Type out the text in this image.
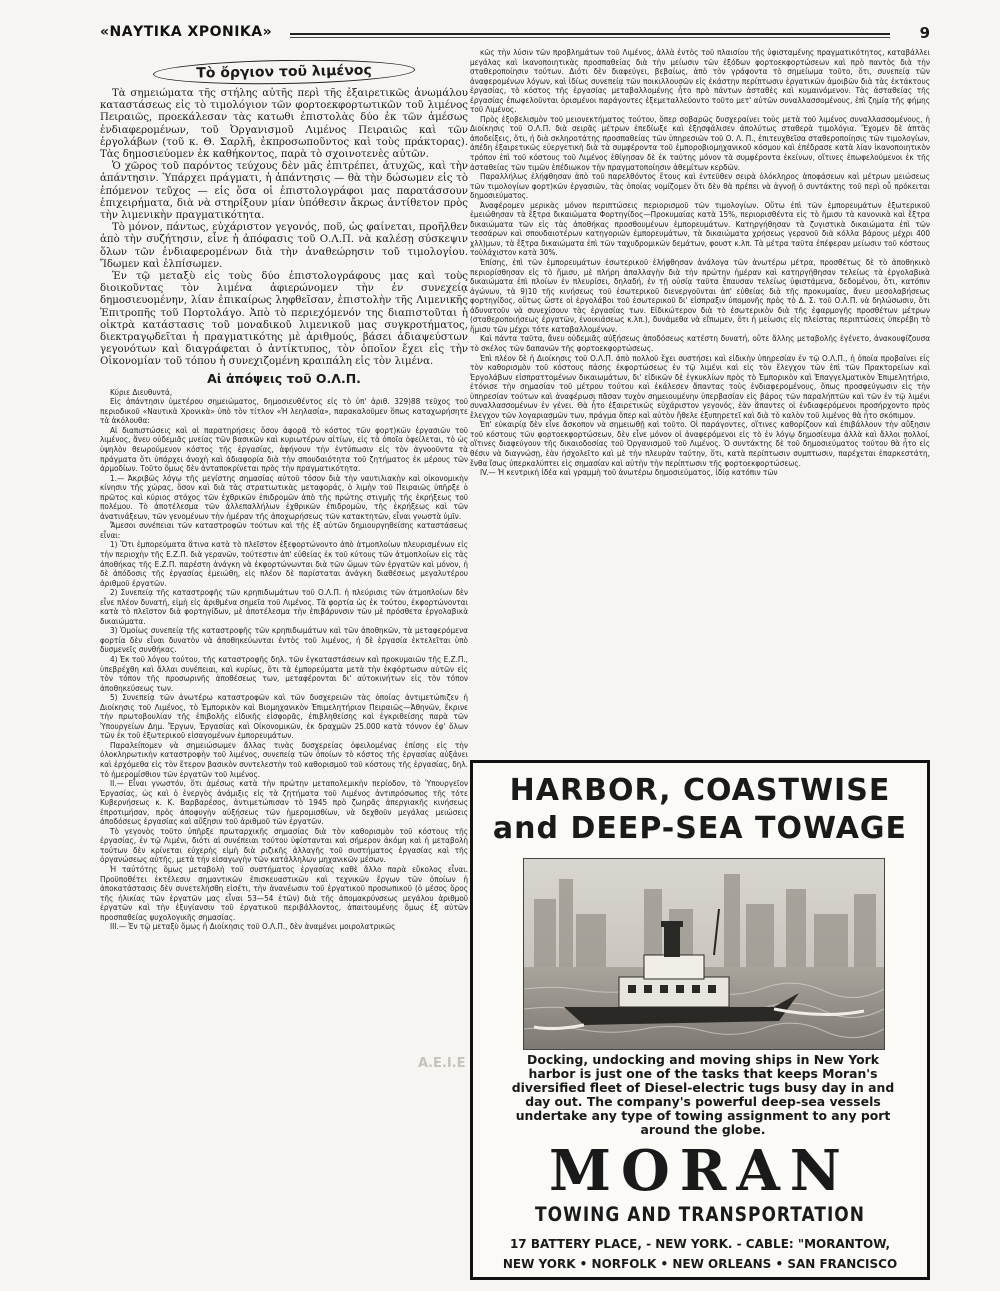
«ΝΑΥΤΙΚΑ ΧΡΟΝΙΚΑ»	9
Τὸ ὄργιον τοῦ λιμένος

Τὰ σημειώματα τῆς στήλης αὐτῆς περὶ τῆς ἐξαιρετικῶς ἀνωμάλου καταστάσεως εἰς τὸ τιμολόγιον τῶν φορτοεκφορτωτικῶν τοῦ λιμένος Πειραιῶς, προεκάλεσαν τὰς κατωθι ἐπιστολὰς δύο ἐκ τῶν ἀμέσως ἐνδιαφερομένων, τοῦ Ὀργανισμοῦ Λιμένος Πειραιῶς καὶ τῶν ἐργολάβων (τοῦ κ. Θ. Σαρλῆ, ἐκπροσωποῦντος καὶ τοὺς πράκτορας). Τὰς δημοσιεύομεν ἐκ καθήκοντος, παρὰ τὸ σχοινοτενὲς αὐτῶν.

Ὁ χῶρος τοῦ παρόντος τεύχους δὲν μᾶς ἐπιτρέπει, ἀτυχῶς, καὶ τὴν ἀπάντησιν. Ὑπάρχει πράγματι, ἡ ἀπάντησις — θὰ τὴν δώσωμεν εἰς τὸ ἑπόμενον τεῦχος — εἰς ὅσα οἱ ἐπιστολογράφοι μας παρατάσσουν ἐπιχειρήματα, διὰ νὰ στηρίξουν μίαν ὑπόθεσιν ἄκρως ἀντίθετον πρὸς τὴν λιμενικὴν πραγματικότητα.

Τὸ μόνον, πάντως, εὐχάριστον γεγονός, ποῦ, ὡς φαίνεται, προῆλθεν ἀπὸ τὴν συζήτησιν, εἶνε ἡ ἀπόφασις τοῦ Ο.Λ.Π. νὰ καλέσῃ σύσκεψιν ὅλων τῶν ἐνδιαφερομένων διὰ τὴν ἀναθεώρησιν τοῦ τιμολογίου. Ἴδωμεν καὶ ἐλπίσωμεν.

Ἐν τῷ μεταξὺ εἰς τοὺς δύο ἐπιστολογράφους μας καὶ τοὺς διοικοῦντας τὸν λιμένα ἀφιερώνομεν τὴν ἐν συνεχείᾳ δημοσιευομένην, λίαν ἐπικαίρως ληφθεῖσαν, ἐπιστολὴν τῆς Λιμενικῆς Ἐπιτροπῆς τοῦ Πορτολάγο. Ἀπὸ τὸ περιεχόμενόν της διαπιστοῦται ἡ οἰκτρὰ κατάστασις τοῦ μοναδικοῦ λιμενικοῦ μας συγκροτήματος, διεκτραγῳδεῖται ἡ πραγματικότης μὲ ἀριθμούς, βάσει ἀδιαψεύστων γεγονότων καὶ διαγράφεται ὁ ἀντίκτυπος, τὸν ὁποῖον ἔχει εἰς τὴν Οἰκονομίαν τοῦ τόπου ἡ συνεχιζομένη κραιπάλη εἰς τὸν λιμένα.

Αἱ ἀπόψεις τοῦ Ο.Λ.Π.

Κύριε Διευθυντά,

Εἰς ἀπάντησιν ὑμετέρου σημειώματος, δημοσιευθέντος εἰς τὸ ὑπ' ἀριθ. 329)88 τεῦχος τοῦ περιοδικοῦ «Ναυτικὰ Χρονικὰ» ὑπὸ τὸν τίτλον «Ἡ λεηλασία», παρακαλοῦμεν ὅπως καταχωρήσητε τὰ ἀκόλουθα:

Αἱ διαπιστώσεις καὶ αἱ παρατηρήσεις ὅσον ἀφορᾷ τὸ κόστος τῶν φορτ)κῶν ἐργασιῶν τοῦ λιμένος, ἄνευ οὐδεμιᾶς μνείας τῶν βασικῶν καὶ κυριωτέρων αἰτίων, εἰς τὰ ὁποῖα ὀφείλεται, τὸ ὡς ὑψηλὸν θεωρούμενον κόστος τῆς ἐργασίας, ἀφήνουν τὴν ἐντύπωσιν εἰς τὸν ἀγνοοῦντα τὰ πράγματα ὅτι ὑπάρχει ἀνοχὴ καὶ ἀδιαφορία διὰ τὴν σπουδαιότητα τοῦ ζητήματος ἐκ μέρους τῶν ἀρμοδίων. Τοῦτο ὅμως δὲν ἀνταποκρίνεται πρὸς τὴν πραγματικότητα.

1.— Ἀκριβῶς λόγῳ τῆς μεγίστης σημασίας αὐτοῦ τόσον διὰ τὴν ναυτιλιακὴν καὶ οἰκονομικὴν κίνησιν τῆς χώρας, ὅσον καὶ διὰ τὰς στρατιωτικὰς μεταφοράς, ὁ λιμὴν τοῦ Πειραιῶς ὑπῆρξε ὁ πρῶτος καὶ κύριος στόχος τῶν ἐχθρικῶν ἐπιδρομῶν ἀπὸ τῆς πρώτης στιγμῆς τῆς ἐκρήξεως τοῦ πολέμου. Τὸ ἀποτέλεσμα τῶν ἀλλεπαλλήλων ἐχθρικῶν ἐπιδρομῶν, τῆς ἐκρήξεως καὶ τῶν ἀνατινάξεων, τῶν γενομένων τὴν ἡμέραν τῆς ἀποχωρήσεως τῶν κατακτητῶν, εἶναι γνωστὰ ὑμῖν.

Ἄμεσοι συνέπειαι τῶν καταστροφῶν τούτων καὶ τῆς ἐξ αὐτῶν δημιουργηθείσης καταστάσεως εἶναι:

1) Ὅτι ἐμπορεύματα ἅτινα κατὰ τὸ πλεῖστον ἐξεφορτώνοντο ἀπὸ ἀτμοπλοίων πλευρισμένων εἰς τὴν περιοχὴν τῆς Ε.Ζ.Π. διὰ γερανῶν, τούτεστιν ἀπ' εὐθείας ἐκ τοῦ κύτους τῶν ἀτμοπλοίων εἰς τὰς ἀποθήκας τῆς Ε.Ζ.Π. παρέστη ἀνάγκη νὰ ἐκφορτώνωνται διὰ τῶν ὤμων τῶν ἐργατῶν καὶ μόνον, ἡ δὲ ἀπόδοσις τῆς ἐργασίας ἐμειώθη, εἰς πλέον δὲ παρίσταται ἀνάγκη διαθέσεως μεγαλυτέρου ἀριθμοῦ ἐργατῶν.

2) Συνεπείᾳ τῆς καταστροφῆς τῶν κρηπιδωμάτων τοῦ Ο.Λ.Π. ἡ πλεύρισις τῶν ἀτμοπλοίων δὲν εἶνε πλέον δυνατή, εἰμὴ εἰς ἀριθμένα σημεῖα τοῦ Λιμένος. Τὰ φορτία ὡς ἐκ τούτου, ἐκφορτώνονται κατὰ τὸ πλεῖστον διὰ φορτηγίδων, μὲ ἀποτέλεσμα τὴν ἐπιβάρυνσιν τῶν μὲ πρόσθετα ἐργολαβικὰ δικαιώματα.

3) Ὁμοίως συνεπείᾳ τῆς καταστροφῆς τῶν κρηπιδωμάτων καὶ τῶν ἀποθηκῶν, τὰ μεταφερόμενα φορτία δὲν εἶναι δυνατὸν νὰ ἀποθηκεύωνται ἐντὸς τοῦ λιμένος, ἡ δὲ ἐργασία ἐκτελεῖται ὑπὸ δυσμενεῖς συνθήκας.

4) Ἐκ τοῦ λόγου τούτου, τῆς καταστροφῆς δηλ. τῶν ἐγκαταστάσεων καὶ προκυμαιῶν τῆς Ε.Ζ.Π., ὑπεβρέχθη καὶ ἄλλαι συνέπειαι, καὶ κυρίως, ὅτι τὰ ἐμπορεύματα μετὰ τὴν ἐκφόρτωσιν αὐτῶν εἰς τὸν τόπον τῆς προσωρινῆς ἀποθέσεως των, μεταφέρονται δι' αὐτοκινήτων εἰς τὸν τόπον ἀποθηκεύσεως των.

5) Συνεπείᾳ τῶν ἀνωτέρω καταστροφῶν καὶ τῶν δυσχερειῶν τὰς ὁποίας ἀντιμετώπιζεν ἡ Διοίκησις τοῦ Λιμένος, τὸ Ἐμπορικὸν καὶ Βιομηχανικὸν Ἐπιμελητήριον Πειραιῶς—Ἀθηνῶν, ἔκρινε τὴν πρωτοβουλίαν τῆς ἐπιβολῆς εἰδικῆς εἰσφορᾶς, ἐπιβληθείσης καὶ ἐγκριθείσης παρὰ τῶν Ὑπουργείων Δημ. Ἔργων, Ἐργασίας καὶ Οἰκονομικῶν, ἐκ δραχμῶν 25.000 κατὰ τόννον ἐφ' ὅλων τῶν ἐκ τοῦ ἐξωτερικοῦ εἰσαγομένων ἐμπορευμάτων.

Παραλείπομεν νὰ σημειώσωμεν ἄλλας τινὰς δυσχερείας ὀφειλομένας ἐπίσης εἰς τὴν ὁλοκληρωτικὴν καταστροφὴν τοῦ λιμένος, συνεπείᾳ τῶν ὁποίων τὸ κόστος τῆς ἐργασίας αὐξάνει καὶ ἐρχόμεθα εἰς τὸν ἕτερον βασικὸν συντελεστὴν τοῦ καθορισμοῦ τοῦ κόστους τῆς ἐργασίας, δηλ. τὸ ἡμερομίσθιον τῶν ἐργατῶν τοῦ λιμένος.

II.— Εἶναι γνωστόν, ὅτι ἀμέσως κατὰ τὴν πρώτην μεταπολεμικὴν περίοδον, τὸ Ὑπουργεῖον Ἐργασίας, ὡς καὶ ὁ ἐνεργὸς ἀνάμιξις εἰς τὰ ζητήματα τοῦ Λιμένος ἀντιπρόσωπος τῆς τότε Κυβερνήσεως κ. Κ. Βαρβαρέσος, ἀντιμετώπισαν τὸ 1945 πρὸ ζωηρᾶς ἀπεργιακῆς κινήσεως ἐπροτιμήσαν, πρὸς ἀποφυγὴν αὐξήσεως τῶν ἡμερομισθίων, νὰ δεχθοῦν μεγάλας μειώσεις ἀποδόσεως ἐργασίας καὶ αὔξησιν τοῦ ἀριθμοῦ τῶν ἐργατῶν.

Τὸ γεγονὸς τοῦτο ὑπῆρξε πρωταρχικῆς σημασίας διὰ τὸν καθορισμὸν τοῦ κόστους τῆς ἐργασίας, ἐν τῷ Λιμένι, διότι αἱ συνέπειαι τούτου ὑφίστανται καὶ σήμερον ἀκόμη καὶ ἡ μεταβολὴ τούτων δὲν κρίνεται εὐχερὴς εἰμὴ διὰ ριζικῆς ἀλλαγῆς τοῦ συστήματος ἐργασίας καὶ τῆς ὀργανώσεως αὐτῆς, μετὰ τὴν εἰσαγωγὴν τῶν κατάλληλων μηχανικῶν μέσων.

Ἡ ταὐτότης ὅμως μεταβολὴ τοῦ συστήματος ἐργασίας καθὲ ἄλλο παρὰ εὔκολος εἶναι. Προϋποθέτει ἐκτέλεσιν σημαντικῶν ἐπισκευαστικῶν καὶ τεχνικῶν ἔργων τῶν ὁποίων ἡ ἀποκατάστασις δὲν συνετελήσθη εἰσέτι, τὴν ἀνανέωσιν τοῦ ἐργατικοῦ προσωπικοῦ (ὁ μέσος ὅρος τῆς ἡλικίας τῶν ἐργατῶν μας εἶναι 53—54 ἐτῶν) διὰ τῆς ἀπομακρύνσεως μεγάλου ἀριθμοῦ ἐργατῶν καὶ τὴν ἐξυγίανσιν τοῦ ἐργατικοῦ περιβάλλοντος, ἀπαιτουμένης ὅμως ἐξ αὐτῶν προσπαθείας ψυχολογικῆς σημασίας.

III.— Ἐν τῷ μεταξὺ ὅμως ἡ Διοίκησις τοῦ Ο.Λ.Π., δὲν ἀναμένει μοιρολατρικῶς

κῶς τὴν λύσιν τῶν προβλημάτων τοῦ Λιμένος, ἀλλὰ ἐντὸς τοῦ πλαισίου τῆς ὑφισταμένης πραγματικότητος, καταβάλλει μεγάλας καὶ ἱκανοποιητικὰς προσπαθείας διὰ τὴν μείωσιν τῶν ἐξόδων φορτοεκφορτώσεων καὶ πρὸ παντὸς διὰ τὴν σταθεροποίησιν τούτων. Διότι δὲν διαφεύγει, βεβαίως, ἀπὸ τὸν γράφοντα τὸ σημείωμα τοῦτο, ὅτι, συνεπείᾳ τῶν ἀναφερομένων λόγων, καὶ ἰδίως συνεπείᾳ τῶν ποικιλλουσῶν εἰς ἑκάστην περίπτωσιν ἐργατικῶν ἀμοιβῶν διὰ τὰς ἐκτάκτους ἐργασίας, τὸ κόστος τῆς ἐργασίας μεταβαλλομένης ἦτο πρὸ πάντων ἀσταθὲς καὶ κυμαινόμενον. Τὰς ἀσταθείας τῆς ἐργασίας ἐπωφελοῦνται ὁρισμένοι παράγοντες ἐξεμεταλλεύοντο τοῦτο μετ' αὐτῶν συναλλασσομένους, ἐπὶ ζημίᾳ τῆς φήμης τοῦ Λιμένος.

Πρὸς ἐξοβελισμὸν τοῦ μειονεκτήματος τούτου, ὅπερ σοβαρῶς δυσχεραίνει τοὺς μετὰ τοῦ λιμένος συναλλασσομένους, ἡ Διοίκησις τοῦ Ο.Λ.Π. διὰ σειρᾶς μέτρων ἐπεδίωξε καὶ ἐξησφάλισεν ἀπολύτως σταθερὰ τιμολόγια. Ἔχομεν δὲ ἀπτὰς ἀποδείξεις, ὅτι, ἡ διὰ σκληροτάτης προσπαθείας τῶν ὑπηρεσιῶν τοῦ Ο. Λ. Π., ἐπιτευχθεῖσα σταθεροποίησις τῶν τιμολογίων, ἀπέδη ἐξαιρετικῶς εὐεργετικὴ διὰ τὰ συμφέροντα τοῦ ἐμποροβιομηχανικοῦ κόσμου καὶ ἐπέδρασε κατὰ λίαν ἱκανοποιητικὸν τρόπον ἐπὶ τοῦ κόστους τοῦ Λιμένος ἐθίγησαν δὲ ἐκ ταύτης μόνον τὰ συμφέροντα ἐκείνων, οἵτινες ἐπωφελούμενοι ἐκ τῆς ἀσταθείας τῶν τιμῶν ἐπέδιωκον τὴν πραγματοποίησιν ἀθεμίτων κερδῶν.

Παραλλήλως ἐλήφθησαν ἀπὸ τοῦ παρελθόντος ἔτους καὶ ἐντεῦθεν σειρὰ ὁλόκληρος ἀποφάσεων καὶ μέτρων μειώσεως τῶν τιμολογίων φορτ)κῶν ἐργασιῶν, τὰς ὁποίας νομίζομεν ὅτι δὲν θὰ πρέπει νὰ ἀγνοῇ ὁ συντάκτης τοῦ περὶ οὗ πρόκειται δημοσιεύματος.

Ἀναφέρομεν μερικὰς μόνον περιπτώσεις περιορισμοῦ τῶν τιμολογίων. Οὕτω ἐπὶ τῶν ἐμπορευμάτων ἐξωτερικοῦ ἐμειώθησαν τὰ ἔξτρα δικαιώματα Φορτηγίδος—Προκυμαίας κατὰ 15%, περιορισθέντα εἰς τὸ ἥμισυ τὰ κανονικὰ καὶ ἔξτρα δικαιώματα τῶν εἰς τὰς ἀποθήκας προσθουμένων ἐμπορευμάτων. Κατηργήθησαν τὰ ζυγιστικὰ δικαιώματα ἐπὶ τῶν τεσσάρων καὶ σπουδαιοτέρων κατηγοριῶν ἐμπορευμάτων, τὰ δικαιώματα χρήσεως γερανοῦ διὰ κόλλα βάρους μέχρι 400 χλλ)μων, τὰ ἔξτρα δικαιώματα ἐπὶ τῶν ταχυδρομικῶν δεμάτων, φουστ κ.λπ. Τὰ μέτρα ταῦτα ἐπέφεραν μείωσιν τοῦ κόστους τοὐλάχιστον κατὰ 30%.

Ἐπίσης, ἐπὶ τῶν ἐμπορευμάτων ἐσωτερικοῦ ἐλήφθησαν ἀνάλογα τῶν ἀνωτέρω μέτρα, προσθέτως δὲ τὸ ἀποθηκικὸ περιορίσθησαν εἰς τὸ ἥμισυ, μὲ πλήρη ἀπαλλαγὴν διὰ τὴν πρώτην ἡμέραν καὶ κατηργήθησαν τελείως τὰ ἐργολαβικὰ δικαιώματα ἐπὶ πλοίων ἐν πλευρίσει, δηλαδή, ἐν τῇ οὐσίᾳ ταῦτα ἔπαυσαν τελείως ὑφιστάμενα, δεδομένου, ὅτι, κατόπιν ἀγώνων, τὰ 9)10 τῆς κινήσεως τοῦ ἐσωτερικοῦ διενεργοῦνται ἀπ' εὐθείας διὰ τῆς προκυμαίας, ἄνευ μεσολαβήσεως φορτηγίδος, οὕτως ὥστε οἱ ἐργολάβοι τοῦ ἐσωτερικοῦ δι' εἰσπραξιν ὑπομονῆς πρὸς τὸ Δ. Σ. τοῦ Ο.Λ.Π. νὰ δηλώσωσιν, ὅτι ἀδυνατοῦν νὰ συνεχίσουν τὰς ἐργασίας των. Εἰδικώτερον διὰ τὸ ἐσωτερικὸν διὰ τῆς ἐφαρμογῆς προσθέτων μέτρων (σταθεροποιήσεως ἐργατῶν, ἐνοικιάσεως κ.λπ.), δυνάμεθα νὰ εἴπωμεν, ὅτι ἡ μείωσις εἰς πλείστας περιπτώσεις ὑπερέβη τὸ ἥμισυ τῶν μέχρι τότε καταβαλλομένων.

Καὶ πάντα ταῦτα, ἄνευ οὐδεμιᾶς αὐξήσεως ἀποδόσεως κατέστη δυνατή, οὔτε ἄλλης μεταβολῆς ἐγένετο, ἀνακουφίζουσα τὸ σκέλος τῶν δαπανῶν τῆς φορτοεκφορτώσεως.

Ἐπὶ πλέον δὲ ἡ Διοίκησις τοῦ Ο.Λ.Π. ἀπὸ πολλοῦ ἔχει συστήσει καὶ εἰδικὴν ὑπηρεσίαν ἐν τῷ Ο.Λ.Π., ἡ ὁποία προβαίνει εἰς τὸν καθορισμὸν τοῦ κόστους πάσης ἐκφορτώσεως ἐν τῷ λιμένι καὶ εἰς τὸν ἔλεγχον τῶν ἐπὶ τῶν Πρακτορείων καὶ Ἐργολάβων εἰσπραττομένων δικαιωμάτων, δι' εἰδικῶν δὲ ἐγκυκλίων πρὸς τὸ Ἐμπορικὸν καὶ Ἐπαγγελματικὸν Ἐπιμελητήριο, ἐτόνισε τὴν σημασίαν τοῦ μέτρου τούτου καὶ ἐκάλεσεν ἅπαντας τοὺς ἐνδιαφερομένους, ὅπως προσφεύγωσιν εἰς τὴν ὑπηρεσίαν τούτων καὶ ἀναφέρωσι πᾶσαν τυχὸν σημειουμένην ὑπερβασίαν εἰς βάρος τῶν παραλήπτῶν καὶ τῶν ἐν τῷ λιμένι συναλλασσομένων ἐν γένει. Θὰ ἦτο ἐξαιρετικῶς εὐχάριστον γεγονός, ἐὰν ἅπαντες οἱ ἐνδιαφερόμενοι προσήρχοντο πρὸς ἔλεγχον τῶν λογαριασμῶν των, πράγμα ὅπερ καὶ αὐτὸν ἤθελε ἐξυπηρετεῖ καὶ διὰ τὸ καλὸν τοῦ λιμένος θὰ ἦτο σκόπιμον.

Ἐπ' εὐκαιρίᾳ δὲν εἶνε ἄσκοπον νὰ σημειωθῇ καὶ τοῦτο. Οἱ παράγοντες, οἵτινες καθορίζουν καὶ ἐπιβάλλουν τὴν αὔξησιν τοῦ κόστους τῶν φορτοεκφορτώσεων, δὲν εἶνε μόνον οἱ ἀναφερόμενοι εἰς τὸ ἐν λόγῳ δημοσίευμα ἀλλὰ καὶ ἄλλοι πολλοί, οἵτινες διαφεύγουν τῆς δικαιοδοσίας τοῦ Ὀργανισμοῦ τοῦ Λιμένος. Ὁ συντάκτης δὲ τοῦ δημοσιεύματος τούτου θὰ ἦτο εἰς θέσιν νὰ διαγνώσῃ, ἐὰν ἠσχολεῖτο καὶ μὲ τὴν πλευρὰν ταύτην, ὅτι, κατὰ περίπτωσιν συμπτωσιν, παρέχεται ἐπαρκεστάτη, ἔνθα ἴσως ὑπερκαλύπτει εἰς σημασίαν καὶ αὐτὴν τὴν περίπτωσιν τῆς φορτοεκφορτώσεως.

IV.— Ἡ κεντρικὴ ἰδέα καὶ γραμμὴ τοῦ ἀνωτέρω δημοσιεύματος, ἰδίᾳ κατόπιν τῶν

HARBOR, COASTWISE
and DEEP-SEA TOWAGE
Docking, undocking and moving ships in New York harbor is just one of the tasks that keeps Moran's diversified fleet of Diesel-electric tugs busy day in and day out. The company's powerful deep-sea vessels undertake any type of towing assignment to any port around the globe.
MORAN
TOWING AND TRANSPORTATION
17 BATTERY PLACE, - NEW YORK. - CABLE: "MORANTOW,
NEW YORK • NORFOLK • NEW ORLEANS • SAN FRANCISCO
Α.Ε.Ι.Ε
